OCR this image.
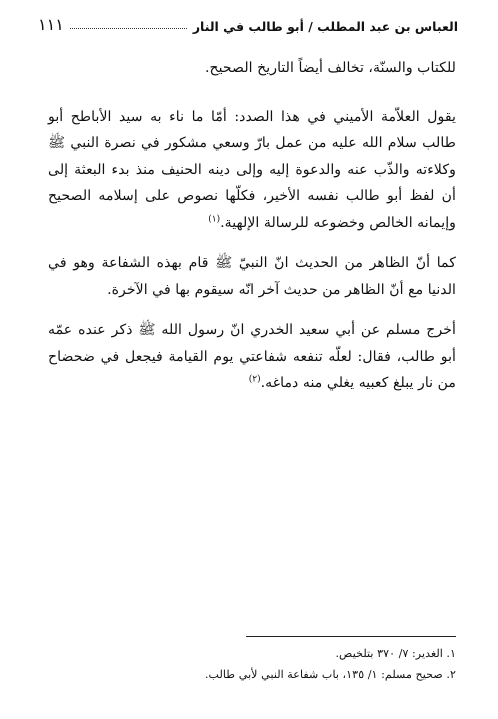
العباس بن عبد المطلب / أبو طالب في النار
١١١

للكتاب والسنّة، تخالف أيضاً التاريخ الصحيح.

يقول العلاّمة الأميني في هذا الصدد: أمّا ما ناء به سيد الأباطح أبو طالب سلام الله عليه من عمل بارّ وسعي مشكور في نصرة النبي ﷺ وكلاءته والذّب عنه والدعوة إليه وإلى دينه الحنيف منذ بدء البعثة إلى أن لفظ أبو طالب نفسه الأخير، فكلّها نصوص على إسلامه الصحيح وإيمانه الخالص وخضوعه للرسالة الإلهية.$^{(١)}$

كما أنّ الظاهر من الحديث انّ النبيّ ﷺ قام بهذه الشفاعة وهو في الدنيا مع أنّ الظاهر من حديث آخر انّه سيقوم بها في الآخرة.

أخرج مسلم عن أبي سعيد الخدري انّ رسول الله ﷺ ذكر عنده عمّه أبو طالب، فقال: لعلّه تنفعه شفاعتي يوم القيامة فيجعل في ضحضاح من نار يبلغ كعبيه يغلي منه دماغه.$^{(٢)}$

١. الغدير: ٧/ ٣٧٠ بتلخيص.

٢. صحيح مسلم: ١/ ١٣٥، باب شفاعة النبي لأبي طالب.
